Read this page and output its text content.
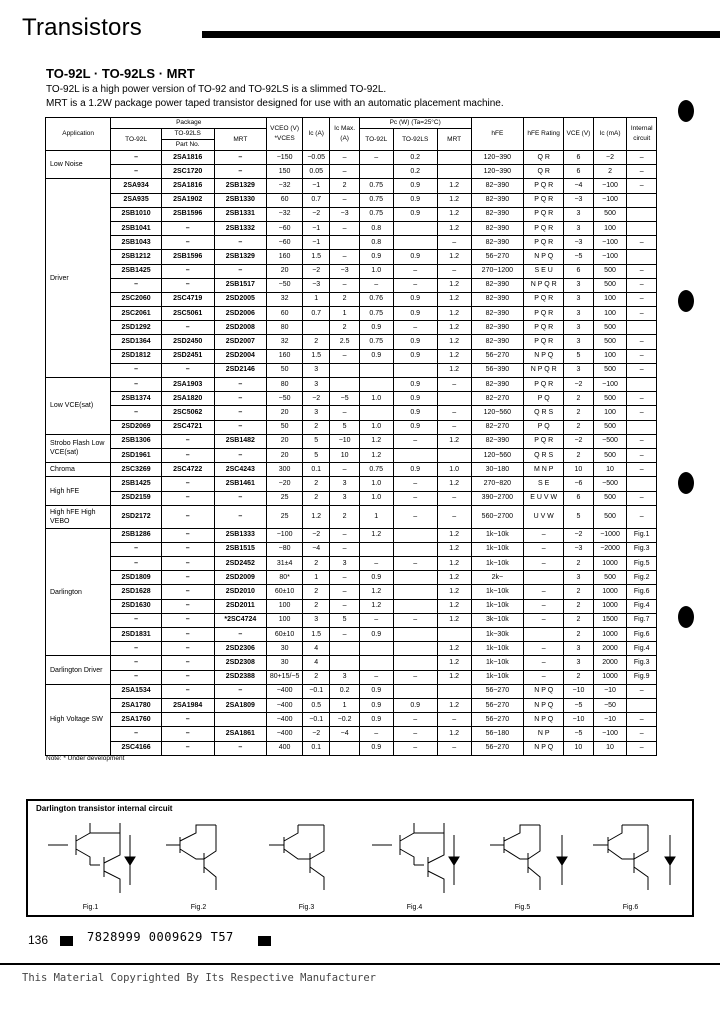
Transistors
TO-92L · TO-92LS · MRT
TO-92L is a high power version of TO-92 and TO-92LS is a slimmed TO-92L.
MRT is a 1.2W package power taped transistor designed for use with an automatic placement machine.
Application	Package			VCEO (V) *VCES	Ic (A)	Ic Max. (A)	Pc (W) (Ta=25°C)			hFE	hFE Rating	VCE (V)	Ic (mA)	Internal circuit
	TO-92L	TO-92LS	MRT				TO-92L	TO-92LS	MRT					
		Part No.												
Low Noise	–	2SA1816	–	−150	−0.05	–	–	0.2		120~390	Q R	6	−2	–
	–	2SC1720	–	150	0.05	–		0.2		120~390	Q R	6	2	–
Driver	2SA934	2SA1816	2SB1329	−32	−1	2	0.75	0.9	1.2	82~390	P Q R	−4	−100	–
	2SA935	2SA1902	2SB1330	60	0.7	–	0.75	0.9	1.2	82~390	P Q R	−3	−100	
	2SB1010	2SB1596	2SB1331	−32	−2	−3	0.75	0.9	1.2	82~390	P Q R	3	500	
	2SB1041	–	2SB1332	−60	−1	–	0.8		1.2	82~390	P Q R	3	100	
	2SB1043	–	–	−60	−1		0.8		–	82~390	P Q R	−3	−100	–
	2SB1212	2SB1596	2SB1329	160	1.5	–	0.9	0.9	1.2	56~270	N P Q	−5	−100	
	2SB1425	–	–	20	−2	−3	1.0	–	–	270~1200	S E U	6	500	–
	–	–	2SB1517	−50	−3	–	–	–	1.2	82~390	N P Q R	3	500	–
	2SC2060	2SC4719	2SD2005	32	1	2	0.76	0.9	1.2	82~390	P Q R	3	100	–
	2SC2061	2SC5061	2SD2006	60	0.7	1	0.75	0.9	1.2	82~390	P Q R	3	100	–
	2SD1292	–	2SD2008	80		2	0.9	–	1.2	82~390	P Q R	3	500	
	2SD1364	2SD2450	2SD2007	32	2	2.5	0.75	0.9	1.2	82~390	P Q R	3	500	–
	2SD1812	2SD2451	2SD2004	160	1.5	–	0.9	0.9	1.2	56~270	N P Q	5	100	–
	–	–	2SD2146	50	3				1.2	56~390	N P Q R	3	500	–
Low VCE(sat)	–	2SA1903	–	80	3			0.9	–	82~390	P Q R	−2	−100	
	2SB1374	2SA1820	–	−50	−2	−5	1.0	0.9		82~270	P Q	2	500	–
	–	2SC5062	–	20	3	–		0.9	–	120~560	Q R S	2	100	–
	2SD2069	2SC4721	–	50	2	5	1.0	0.9	–	82~270	P Q	2	500	
Strobo Flash Low VCE(sat)	2SB1306	–	2SB1482	20	5	−10	1.2	–	1.2	82~390	P Q R	−2	−500	–
	2SD1961	–	–	20	5	10	1.2			120~560	Q R S	2	500	–
Chroma	2SC3269	2SC4722	2SC4243	300	0.1	–	0.75	0.9	1.0	30~180	M N P	10	10	–
High hFE	2SB1425	–	2SB1461	−20	2	3	1.0	–	1.2	270~820	S E	−6	−500	
	2SD2159	–	–	25	2	3	1.0	–	–	390~2700	E U V W	6	500	–
High hFE High VEBO	2SD2172	–	–	25	1.2	2	1	–	–	560~2700	U V W	5	500	–
Darlington	2SB1286	–	2SB1333	−100	−2	–	1.2		1.2	1k~10k	–	−2	−1000	Fig.1
	–	–	2SB1515	−80	−4	–			1.2	1k~10k	–	−3	−2000	Fig.3
	–	–	2SD2452	31±4	2	3	–	–	1.2	1k~10k	–	2	1000	Fig.5
	2SD1809	–	2SD2009	80*	1	–	0.9		1.2	2k~		3	500	Fig.2
	2SD1628	–	2SD2010	60±10	2	–	1.2		1.2	1k~10k	–	2	1000	Fig.6
	2SD1630	–	2SD2011	100	2	–	1.2		1.2	1k~10k	–	2	1000	Fig.4
	–	–	*2SC4724	100	3	5	–	–	1.2	3k~10k	–	2	1500	Fig.7
	2SD1831	–	–	60±10	1.5	–	0.9			1k~30k		2	1000	Fig.6
	–	–	2SD2306	30	4				1.2	1k~10k	–	3	2000	Fig.4
Darlington Driver	–	–	2SD2308	30	4				1.2	1k~10k	–	3	2000	Fig.3
	–	–	2SD2388	80+15/−5	2	3	–	–	1.2	1k~10k	–	2	1000	Fig.9
High Voltage SW	2SA1534	–	–	−400	−0.1	0.2	0.9			56~270	N P Q	−10	−10	–
	2SA1780	2SA1984	2SA1809	−400	0.5	1	0.9	0.9	1.2	56~270	N P Q	−5	−50	
	2SA1760	–		−400	−0.1	−0.2	0.9	–	–	56~270	N P Q	−10	−10	–
	–	–	2SA1861	−400	−2	−4	–	–	1.2	56~180	N P	−5	−100	–
	2SC4166	–	–	400	0.1		0.9	–	–	56~270	N P Q	10	10	–
Note: * Under development
Darlington transistor internal circuit
Fig.1	Fig.2	Fig.3	Fig.4	Fig.5	Fig.6
136	7828999 0009629 T57
This Material Copyrighted By Its Respective Manufacturer
